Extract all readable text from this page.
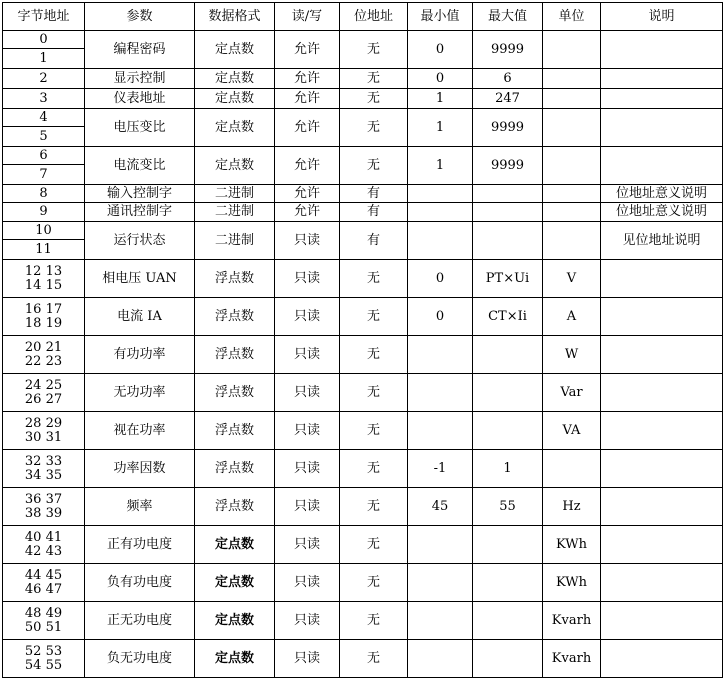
字节地址	参数	数据格式	读/写	位地址	最小值	最大值	单位	说明
0	编程密码	定点数	允许	无	0	9999		
1								
2	显示控制	定点数	允许	无	0	6		
3	仪表地址	定点数	允许	无	1	247		
4	电压变比	定点数	允许	无	1	9999		
5								
6	电流变比	定点数	允许	无	1	9999		
7								
8	输入控制字	二进制	允许	有				位地址意义说明
9	通讯控制字	二进制	允许	有				位地址意义说明
10	运行状态	二进制	只读	有				见位地址说明
11								

12 13
14 15	相电压 UAN	浮点数	只读	无	0	PT×Ui	V	

16 17
18 19	电流 IA	浮点数	只读	无	0	CT×Ii	A	

20 21
22 23	有功功率	浮点数	只读	无			W	

24 25
26 27	无功功率	浮点数	只读	无			Var	

28 29
30 31	视在功率	浮点数	只读	无			VA	

32 33
34 35	功率因数	浮点数	只读	无	-1	1		

36 37
38 39	频率	浮点数	只读	无	45	55	Hz	

40 41
42 43	正有功电度	定点数	只读	无			KWh	

44 45
46 47	负有功电度	定点数	只读	无			KWh	

48 49
50 51	正无功电度	定点数	只读	无			Kvarh	

52 53
54 55	负无功电度	定点数	只读	无			Kvarh	
